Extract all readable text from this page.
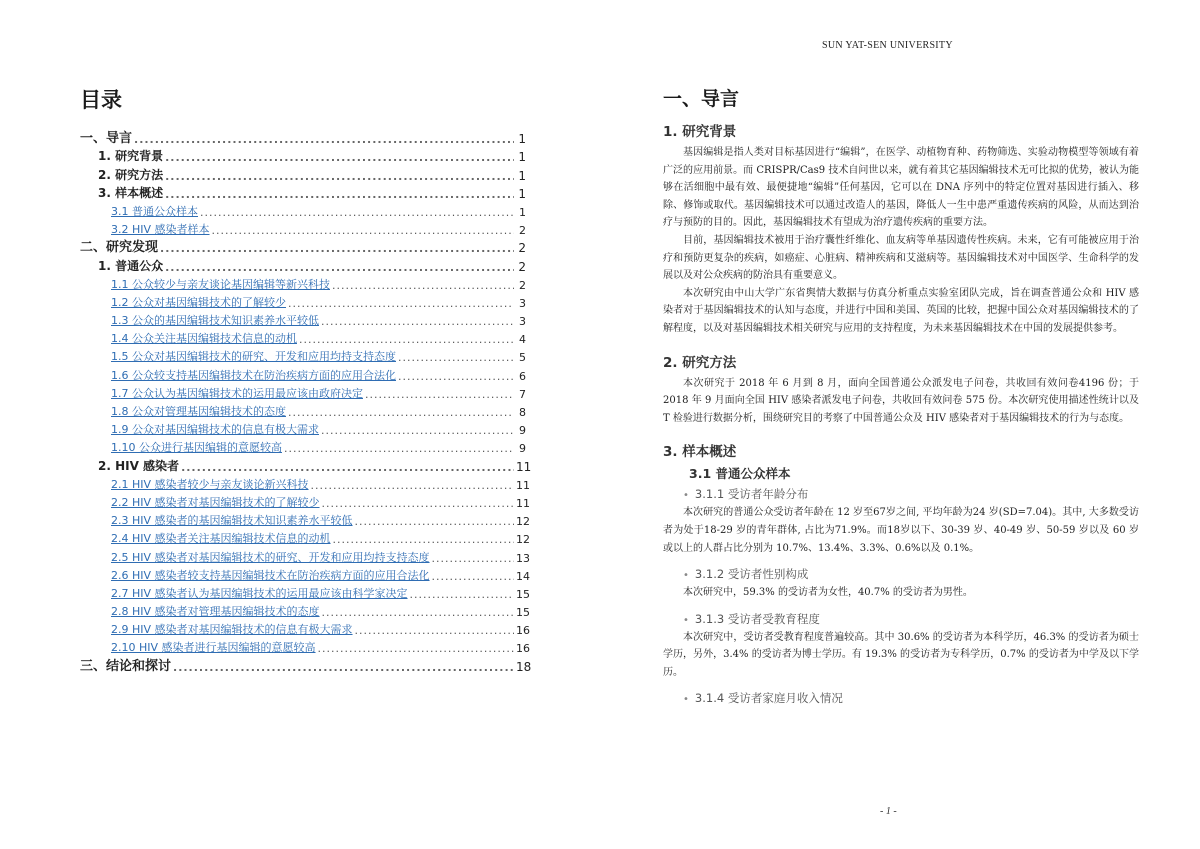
目录
一、导言 .....	1
1. 研究背景 .....	1
2. 研究方法 .....	1
3. 样本概述 .....	1
3.1 普通公众样本 .....	1
3.2 HIV 感染者样本 .....	2
二、研究发现 .....	2
1. 普通公众 .....	2
1.1 公众较少与亲友谈论基因编辑等新兴科技 .....	2
1.2 公众对基因编辑技术的了解较少 .....	3
1.3 公众的基因编辑技术知识素养水平较低 .....	3
1.4 公众关注基因编辑技术信息的动机 .....	4
1.5 公众对基因编辑技术的研究、开发和应用均持支持态度 .....	5
1.6 公众较支持基因编辑技术在防治疾病方面的应用合法化 .....	6
1.7 公众认为基因编辑技术的运用最应该由政府决定 .....	7
1.8 公众对管理基因编辑技术的态度 .....	8
1.9 公众对基因编辑技术的信息有极大需求 .....	9
1.10 公众进行基因编辑的意愿较高 .....	9
2. HIV 感染者 .....	11
2.1 HIV 感染者较少与亲友谈论新兴科技 .....	11
2.2 HIV 感染者对基因编辑技术的了解较少 .....	11
2.3 HIV 感染者的基因编辑技术知识素养水平较低 .....	12
2.4 HIV 感染者关注基因编辑技术信息的动机 .....	12
2.5 HIV 感染者对基因编辑技术的研究、开发和应用均持支持态度 .....	13
2.6 HIV 感染者较支持基因编辑技术在防治疾病方面的应用合法化 .....	14
2.7 HIV 感染者认为基因编辑技术的运用最应该由科学家决定 .....	15
2.8 HIV 感染者对管理基因编辑技术的态度 .....	15
2.9 HIV 感染者对基因编辑技术的信息有极大需求 .....	16
2.10 HIV 感染者进行基因编辑的意愿较高 .....	16
三、结论和探讨 .....	18
SUN YAT-SEN UNIVERSITY
一、导言
1. 研究背景

基因编辑是指人类对目标基因进行“编辑”，在医学、动植物育种、药物筛选、实验动物模型等领域有着广泛的应用前景。而 CRISPR/Cas9 技术自问世以来，就有着其它基因编辑技术无可比拟的优势，被认为能够在活细胞中最有效、最便捷地“编辑”任何基因，它可以在 DNA 序列中的特定位置对基因进行插入、移除、修饰或取代。基因编辑技术可以通过改造人的基因，降低人一生中患严重遗传疾病的风险，从而达到治疗与预防的目的。因此，基因编辑技术有望成为治疗遗传疾病的重要方法。

目前，基因编辑技术被用于治疗囊性纤维化、血友病等单基因遗传性疾病。未来，它有可能被应用于治疗和预防更复杂的疾病，如癌症、心脏病、精神疾病和艾滋病等。基因编辑技术对中国医学、生命科学的发展以及对公众疾病的防治具有重要意义。

本次研究由中山大学广东省舆情大数据与仿真分析重点实验室团队完成，旨在调查普通公众和 HIV 感染者对于基因编辑技术的认知与态度，并进行中国和美国、英国的比较，把握中国公众对基因编辑技术的了解程度，以及对基因编辑技术相关研究与应用的支持程度，为未来基因编辑技术在中国的发展提供参考。

2. 研究方法

本次研究于 2018 年 6 月到 8 月，面向全国普通公众派发电子问卷，共收回有效问卷4196 份；于 2018 年 9 月面向全国 HIV 感染者派发电子问卷，共收回有效问卷 575 份。本次研究使用描述性统计以及 T 检验进行数据分析，围绕研究目的考察了中国普通公众及 HIV 感染者对于基因编辑技术的行为与态度。

3. 样本概述
3.1 普通公众样本
• 3.1.1 受访者年龄分布

本次研究的普通公众受访者年龄在 12 岁至67岁之间, 平均年龄为24 岁(SD=7.04)。其中, 大多数受访者为处于18-29 岁的青年群体, 占比为71.9%。而18岁以下、30-39 岁、40-49 岁、50-59 岁以及 60 岁或以上的人群占比分别为 10.7%、13.4%、3.3%、0.6%以及 0.1%。

• 3.1.2 受访者性别构成

本次研究中，59.3% 的受访者为女性，40.7% 的受访者为男性。

• 3.1.3 受访者受教育程度

本次研究中，受访者受教育程度普遍较高。其中 30.6% 的受访者为本科学历，46.3% 的受访者为硕士学历，另外，3.4% 的受访者为博士学历。有 19.3% 的受访者为专科学历，0.7% 的受访者为中学及以下学历。

• 3.1.4 受访者家庭月收入情况
- 1 -
